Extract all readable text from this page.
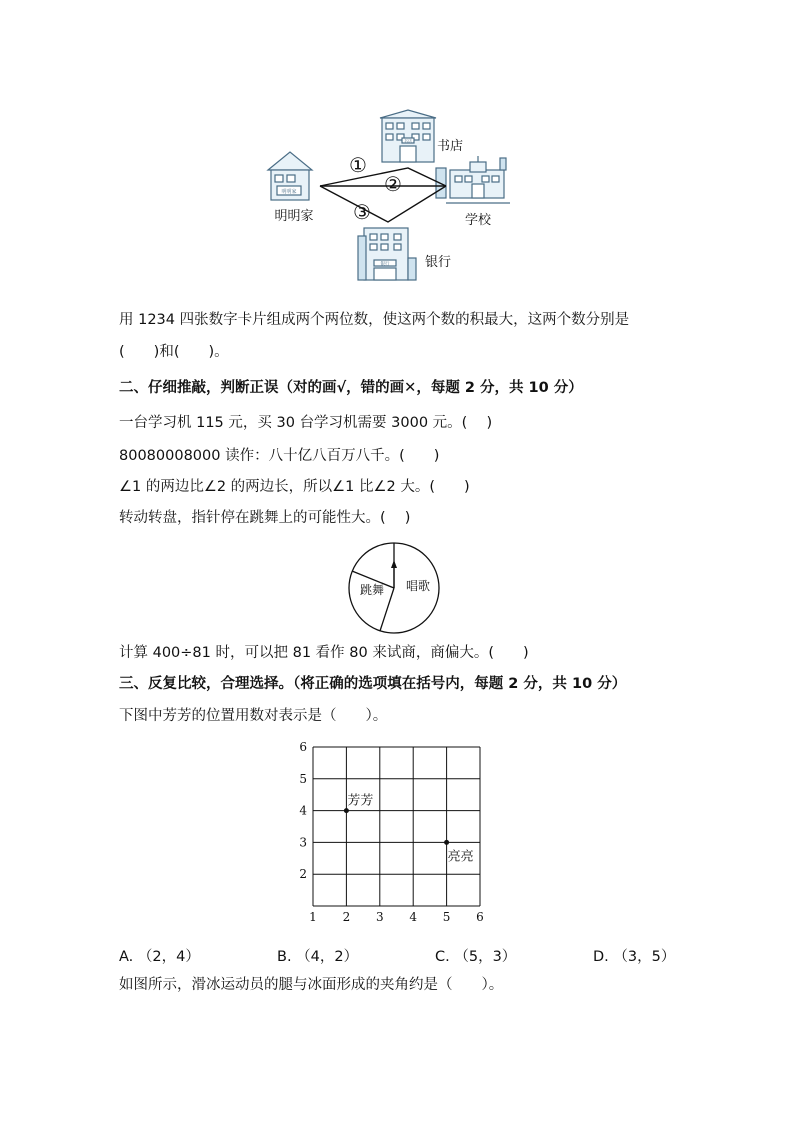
明明家
明明家
书店 书店
学校
银行	银行
①
②
③
用 1234 四张数字卡片组成两个两位数，使这两个数的积最大，这两个数分别是
(　　)和(　　)。
二、仔细推敲，判断正误（对的画√，错的画✕，每题 2 分，共 10 分）
一台学习机 115 元，买 30 台学习机需要 3000 元。(　 )
80080008000 读作：八十亿八百万八千。(　　)
∠1 的两边比∠2 的两边长，所以∠1 比∠2 大。(　　)
转动转盘，指针停在跳舞上的可能性大。(　 )
跳舞 唱歌
计算 400÷81 时，可以把 81 看作 80 来试商，商偏大。(　　)
三、反复比较，合理选择。（将正确的选项填在括号内，每题 2 分，共 10 分）
下图中芳芳的位置用数对表示是（　　）。
1 2 3 4 5 6
2
3
4
5
6
芳芳
亮亮
A. （2，4）	B. （4，2）	C. （5，3）	D. （3，5）
如图所示，滑冰运动员的腿与冰面形成的夹角约是（　　）。
